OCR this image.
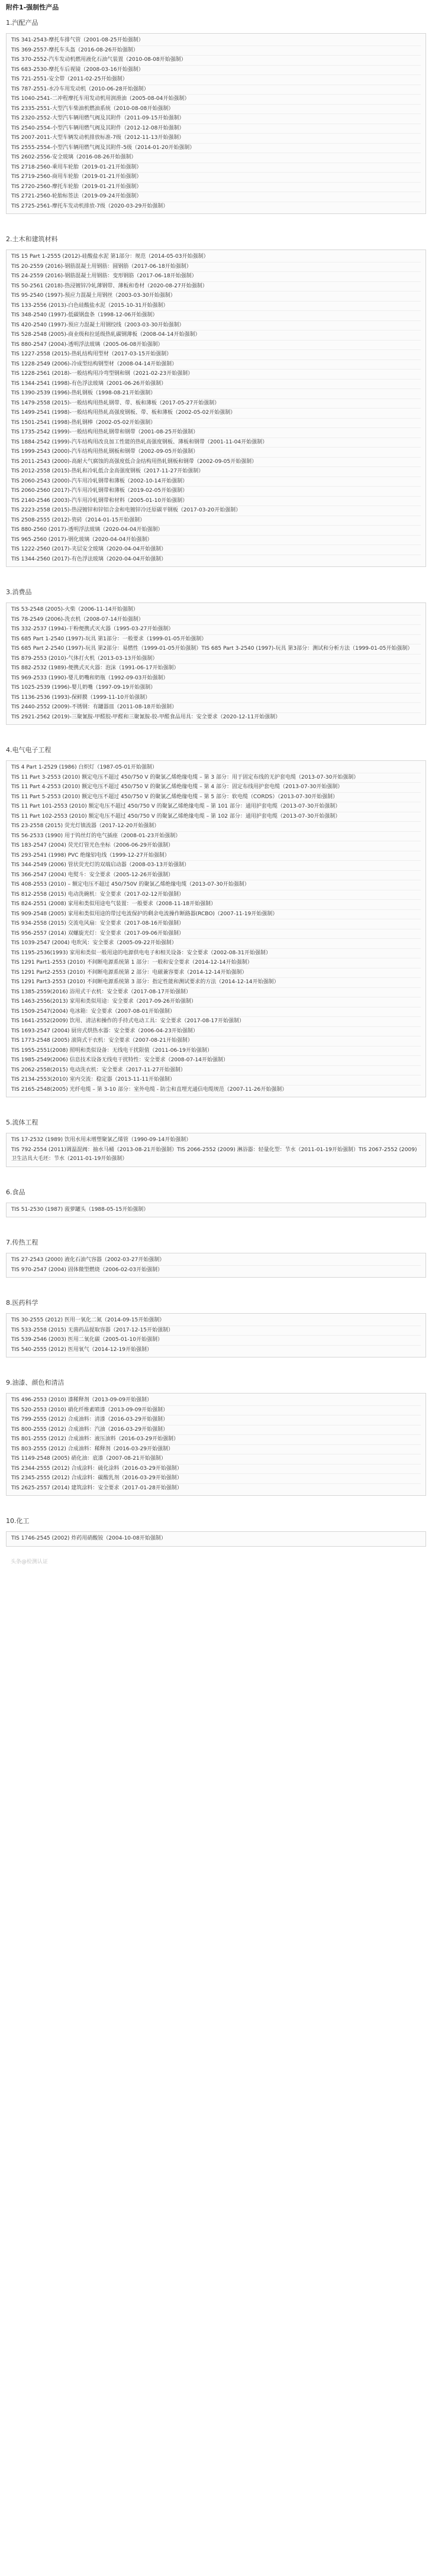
附件1-强制性产品
1.汽配产品
TIS 341-2543-摩托车排气管（2001-08-25开始强制）
TIS 369-2557-摩托车头盔（2016-08-26开始强制）
TIS 370-2552-汽车发动机燃用液化石油气装置（2010-08-08开始强制）
TIS 683-2530-摩托车后视镜（2008-03-16开始强制）
TIS 721-2551-安全带（2011-02-25开始强制）
TIS 787-2551-水冷车用发动机（2010-06-28开始强制）
TIS 1040-2541-二冲程摩托车用发动机用润滑油（2005-08-04开始强制）
TIS 2335-2551-大型汽车柴油机燃油系统（2010-08-08开始强制）
TIS 2320-2552-大型汽车辆用燃气阀及其附件（2011-09-15开始强制）
TIS 2540-2554-小型汽车辆用燃气阀及其附件（2012-12-08开始强制）
TIS 2007-2011-大型车辆发动机排放标准-7级（2012-11-13开始强制）
TIS 2555-2554-小型汽车辆用燃气阀及其附件-5级（2014-01-20开始强制）
TIS 2602-2556-安全玻璃（2016-08-26开始强制）
TIS 2718-2560-乘用车轮胎（2019-01-21开始强制）
TIS 2719-2560-商用车轮胎（2019-01-21开始强制）
TIS 2720-2560-摩托车轮胎（2019-01-21开始强制）
TIS 2721-2560-轮胎标签法（2019-09-24开始强制）
TIS 2725-2561-摩托车发动机排放-7级（2020-03-29开始强制）
2.土木和建筑材料
TIS 15 Part 1-2555 (2012)-硅酸盐水泥 第1部分：规范（2014-05-03开始强制）
TIS 20-2559 (2016)-钢筋混凝土用钢筋：圆钢筋（2017-06-18开始强制）
TIS 24-2559 (2016)-钢筋混凝土用钢筋：变形钢筋（2017-06-18开始强制）
TIS 50-2561 (2018)-热浸镀锌冷轧薄钢带、薄板和卷材（2020-08-27开始强制）
TIS 95-2540 (1997)-预应力混凝土用钢丝（2003-03-30开始强制）
TIS 133-2556 (2013)-白色硅酸盐水泥（2015-10-31开始强制）
TIS 348-2540 (1997)-低碳钢盘条（1998-12-06开始强制）
TIS 420-2540 (1997)-预应力混凝土用钢绞线（2003-03-30开始强制）
TIS 528-2548 (2005)-商业级和拉延级热轧碳钢薄板（2008-04-14开始强制）
TIS 880-2547 (2004)-透明浮法玻璃（2005-06-08开始强制）
TIS 1227-2558 (2015)-热轧结构用型材（2017-03-15开始强制）
TIS 1228-2549 (2006)-冷成型结构钢型材（2008-04-14开始强制）
TIS 1228-2561 (2018)-一般结构用冷弯型钢和钢（2021-02-23开始强制）
TIS 1344-2541 (1998)-有色浮法玻璃（2001-06-26开始强制）
TIS 1390-2539 (1996)-热轧钢板（1998-08-21开始强制）
TIS 1479-2558 (2015)-一般结构用热轧钢带、带、板和薄板（2017-05-27开始强制）
TIS 1499-2541 (1998)-一般结构用热轧高强度钢板、带、板和薄板（2002-05-02开始强制）
TIS 1501-2541 (1998)-热轧钢棒（2002-05-02开始强制）
TIS 1735-2542 (1999)-一般结构用热轧钢带和钢带（2001-08-25开始强制）
TIS 1884-2542 (1999)-汽车结构用改良加工性能的热轧高强度钢板、薄板和钢带（2001-11-04开始强制）
TIS 1999-2543 (2000)-汽车结构用热轧钢板和钢带（2002-09-05开始强制）
TIS 2011-2543 (2000)-高耐大气腐蚀的高强度低合金结构用热轧钢板和钢带（2002-09-05开始强制）
TIS 2012-2558 (2015)-热轧和冷轧低合金高强度钢板（2017-11-27开始强制）
TIS 2060-2543 (2000)-汽车用冷轧钢带和薄板（2002-10-14开始强制）
TIS 2060-2560 (2017)-汽车用冷轧钢带和薄板（2019-02-05开始强制）
TIS 2140-2546 (2003)-汽车用冷轧钢带和材料（2005-01-10开始强制）
TIS 2223-2558 (2015)-热浸镀锌和锌铝合金和电镀锌冷还原碳平钢板（2017-03-20开始强制）
TIS 2508-2555 (2012)-瓷砖（2014-01-15开始强制）
TIS 880-2560 (2017)-透明浮法玻璃（2020-04-04开始强制）
TIS 965-2560 (2017)-钢化玻璃（2020-04-04开始强制）
TIS 1222-2560 (2017)-夹层安全玻璃（2020-04-04开始强制）
TIS 1344-2560 (2017)-有色浮法玻璃（2020-04-04开始强制）
3.消费品
TIS 53-2548 (2005)-火柴（2006-11-14开始强制）
TIS 78-2549 (2006)-洗衣机（2008-07-14开始强制）
TIS 332-2537 (1994)-干粉便携式灭火器（1995-03-27开始强制）
TIS 685 Part 1-2540 (1997)-玩具 第1部分：一般要求（1999-01-05开始强制）
TIS 685 Part 2-2540 (1997)-玩具 第2部分：易燃性（1999-01-05开始强制）TIS 685 Part 3-2540 (1997)-玩具 第3部分：测试和分析方法（1999-01-05开始强制）
TIS 879-2553 (2010)-气体打火机（2013-03-13开始强制）
TIS 882-2532 (1989)-便携式灭火器：泡沫（1991-06-17开始强制）
TIS 969-2533 (1990)-婴儿奶嘴和奶瓶（1992-09-03开始强制）
TIS 1025-2539 (1996)-婴儿奶嘴（1997-09-19开始强制）
TIS 1136-2536 (1993)-保鲜膜（1999-11-10开始强制）
TIS 2440-2552 (2009)-不锈钢：有罐器皿（2011-08-18开始强制）
TIS 2921-2562 (2019)-三聚氰胺-甲醛胶-甲醛和三聚氰胺-胶-甲醛食品用具：安全要求（2020-12-11开始强制）
4.电气电子工程
TIS 4 Part 1-2529 (1986) 白炽灯（1987-05-01开始强制）
TIS 11 Part 3-2553 (2010) 额定电压不超过 450/750 V 的聚氯乙烯绝缘电缆 – 第 3 部分：用于固定布线的无护套电缆（2013-07-30开始强制）
TIS 11 Part 4-2553 (2010) 额定电压不超过 450/750 V 的聚氯乙烯绝缘电缆 – 第 4 部分：固定布线用护套电缆（2013-07-30开始强制）
TIS 11 Part 5-2553 (2010) 额定电压不超过 450/750 V 的聚氯乙烯绝缘电缆 – 第 5 部分：软电缆（CORDS）（2013-07-30开始强制）
TIS 11 Part 101-2553 (2010) 额定电压不超过 450/750 V 的聚氯乙烯绝缘电缆 – 第 101 部分：通用护套电缆（2013-07-30开始强制）
TIS 11 Part 102-2553 (2010) 额定电压不超过 450/750 V 的聚氯乙烯绝缘电缆 – 第 102 部分：通用护套电缆（2013-07-30开始强制）
TIS 23-2558 (2015) 荧光灯镇流器（2017-12-20开始强制）
TIS 56-2533 (1990) 用于钨丝灯的电气插座（2008-01-23开始强制）
TIS 183-2547 (2004) 荧光灯管光色坐标（2006-06-29开始强制）
TIS 293-2541 (1998) PVC 绝缘铝电线（1999-12-27开始强制）
TIS 344-2549 (2006) 管状荧光灯的双端启动器（2008-03-13开始强制）
TIS 366-2547 (2004) 电熨斗：安全要求（2005-12-26开始强制）
TIS 408-2553 (2010) – 额定电压不超过 450/750V 的聚氯乙烯绝缘电缆（2013-07-30开始强制）
TIS 812-2558 (2015) 电动洗碗机：安全要求（2017-02-12开始强制）
TIS 824-2551 (2008) 家用和类似用途电气装置：一般要求（2008-11-18开始强制）
TIS 909-2548 (2005) 家用和类似用途的带过电流保护的剩余电流操作断路器(RCBO)（2007-11-19开始强制）
TIS 934-2558 (2015) 交流电风扇：安全要求（2017-08-16开始强制）
TIS 956-2557 (2014) 双螺旋光灯：安全要求（2017-09-06开始强制）
TIS 1039-2547 (2004) 电吹风：安全要求（2005-09-22开始强制）
TIS 1195-2536(1993) 家用和类似一般用途的电源供电电子和相关设备：安全要求（2002-08-31开始强制）
TIS 1291 Part1-2553 (2010) 不间断电源系统第 1 部分：一般和安全要求（2014-12-14开始强制）
TIS 1291 Part2-2553 (2010) 不间断电源系统第 2 部分：电磁兼容要求（2014-12-14开始强制）
TIS 1291 Part3-2553 (2010) 不间断电源系统第 3 部分：指定性能和测试要求的方法（2014-12-14开始强制）
TIS 1385-2559(2016) 浴用式干衣机：安全要求（2017-08-17开始强制）
TIS 1463-2556(2013) 家用和类似用途：安全要求（2017-09-26开始强制）
TIS 1509-2547(2004) 电冰箱：安全要求（2007-08-01开始强制）
TIS 1641-2552(2009) 饮用、清洁和操作的手持式电动工具：安全要求（2017-08-17开始强制）
TIS 1693-2547 (2004) 厨房式烘热水器：安全要求（2006-04-23开始强制）
TIS 1773-2548 (2005) 滚筒式干衣机：安全要求（2007-08-21开始强制）
TIS 1955-2551(2008) 照明和类似设备：无线电干扰限值（2011-06-19开始强制）
TIS 1985-2549(2006) 信息技术设备无线电干扰特性：安全要求（2008-07-14开始强制）
TIS 2062-2558(2015) 电动洗衣机：安全要求（2017-11-27开始强制）
TIS 2134-2553(2010) 室内交流：稳定器（2013-11-11开始强制）
TIS 2165-2548(2005) 光纤电缆 – 第 3-10 部分：室外电缆 - 防尘和直埋光通信电缆规范（2007-11-26开始强制）
5.流体工程
TIS 17-2532 (1989) 饮用水用未增塑聚氯乙烯管（1990-09-14开始强制）
TIS 792-2554 (2011)调温混阀：抽水马桶（2013-08-21开始强制）TIS 2066-2552 (2009) 淋浴器：轻量化型：节水（2011-01-19开始强制）TIS 2067-2552 (2009) 卫生洁具大毛坯：节水（2011-01-19开始强制）
6.食品
TIS 51-2530 (1987) 菠萝罐头（1988-05-15开始强制）
7.传热工程
TIS 27-2543 (2000) 液化石油气容器（2002-03-27开始强制）
TIS 970-2547 (2004) 固体微型燃烧（2006-02-03开始强制）
8.医药科学
TIS 30-2555 (2012) 医用一氧化二氮（2014-09-15开始强制）
TIS 533-2558 (2015) 无菌药品提取容器（2017-12-15开始强制）
TIS 539-2546 (2003) 医用二氧化碳（2005-01-10开始强制）
TIS 540-2555 (2012) 医用氧气（2014-12-19开始强制）
9.油漆、颜色和清洁
TIS 496-2553 (2010) 漆稀释剂（2013-09-09开始强制）
TIS 520-2553 (2010) 硝化纤维素喷漆（2013-09-09开始强制）
TIS 799-2555 (2012) 合成油料：清漆（2016-03-29开始强制）
TIS 800-2555 (2012) 合成油料：汽油（2016-03-29开始强制）
TIS 801-2555 (2012) 合成油料：液压油料（2016-03-29开始强制）
TIS 803-2555 (2012) 合成油料：稀释剂（2016-03-29开始强制）
TIS 1149-2548 (2005) 硝化油：底漆（2007-08-21开始强制）
TIS 2344-2555 (2012) 合成涂料：硫化涂料（2016-03-29开始强制）
TIS 2345-2555 (2012) 合成涂料：碳酸乳剂（2016-03-29开始强制）
TIS 2625-2557 (2014) 建筑涂料：安全要求（2017-01-28开始强制）
10.化工
TIS 1746-2545 (2002) 炸药用硝酸铵（2004-10-08开始强制）
头条@检测认证
